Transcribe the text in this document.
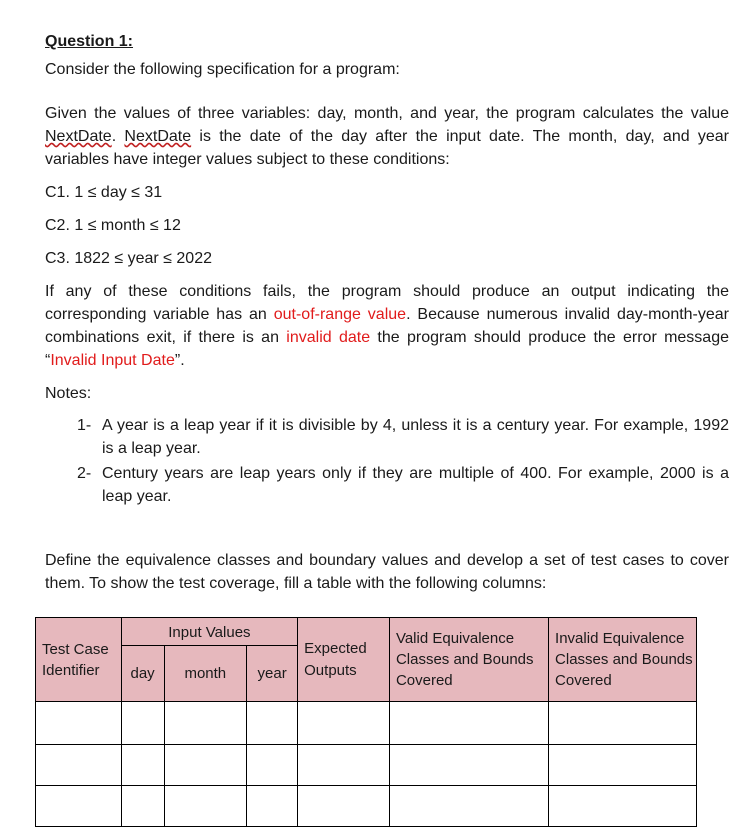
Question 1:

Consider the following specification for a program:

Given the values of three variables: day, month, and year, the program calculates the value NextDate. NextDate is the date of the day after the input date. The month, day, and year variables have integer values subject to these conditions:

C1. 1 ≤ day ≤ 31

C2. 1 ≤ month ≤ 12

C3. 1822 ≤ year ≤ 2022

If any of these conditions fails, the program should produce an output indicating the corresponding variable has an out-of-range value. Because numerous invalid day-month-year combinations exit, if there is an invalid date the program should produce the error message “Invalid Input Date”.

Notes:

1- A year is a leap year if it is divisible by 4, unless it is a century year. For example, 1992 is a leap year.
2- Century years are leap years only if they are multiple of 400. For example, 2000 is a leap year.

Define the equivalence classes and boundary values and develop a set of test cases to cover them. To show the test coverage, fill a table with the following columns:

Test Case Identifier	Input Values			Expected Outputs	Valid Equivalence Classes and Bounds Covered	Invalid Equivalence Classes and Bounds Covered
	day	month	year			
